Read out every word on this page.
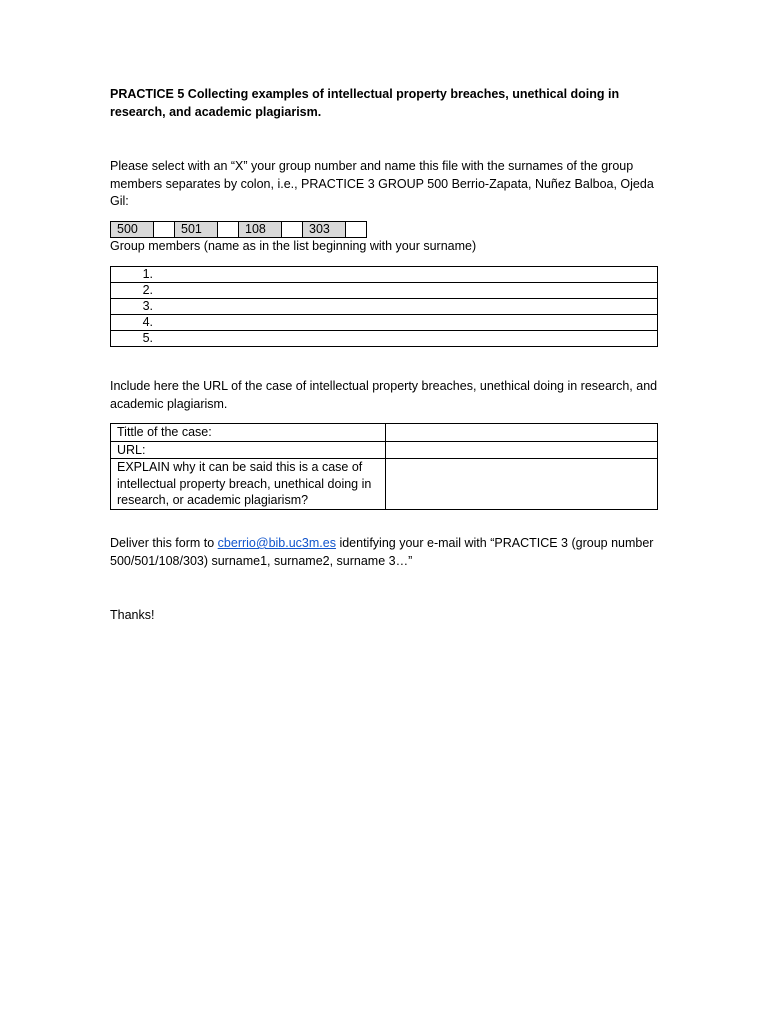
PRACTICE 5 Collecting examples of intellectual property breaches, unethical doing in research, and academic plagiarism.
Please select with an “X” your group number and name this file with the surnames of the group members separates by colon, i.e., PRACTICE 3 GROUP 500 Berrio-Zapata, Nuñez Balboa, Ojeda Gil:
500		501		108		303	
Group members (name as in the list beginning with your surname)
1.
2.
3.
4.
5.
Include here the URL of the case of intellectual property breaches, unethical doing in research, and academic plagiarism.
Tittle of the case:	
URL:	
EXPLAIN why it can be said this is a case of intellectual property breach, unethical doing in research, or academic plagiarism?	
Deliver this form to cberrio@bib.uc3m.es identifying your e-mail with “PRACTICE 3 (group number 500/501/108/303) surname1, surname2, surname 3…”
Thanks!
